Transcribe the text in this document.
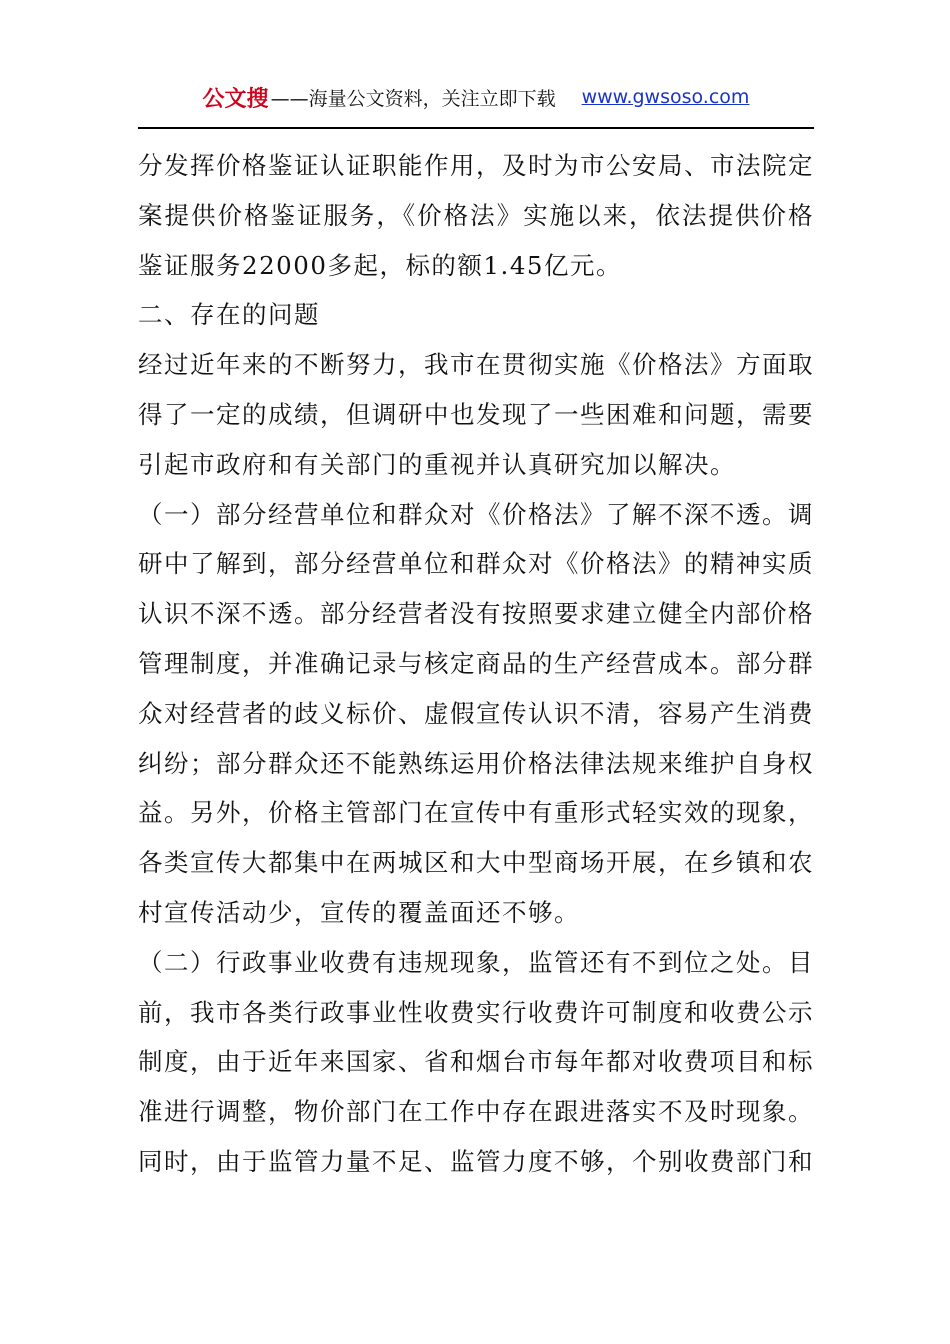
公文搜 ——海量公文资料，关注立即下载 www.gwsoso.com

分发挥价格鉴证认证职能作用，及时为市公安局、市法院定案提供价格鉴证服务，《价格法》实施以来，依法提供价格鉴证服务22000多起，标的额1.45亿元。

二、存在的问题

经过近年来的不断努力，我市在贯彻实施《价格法》方面取得了一定的成绩，但调研中也发现了一些困难和问题，需要引起市政府和有关部门的重视并认真研究加以解决。

（一）部分经营单位和群众对《价格法》了解不深不透。调研中了解到，部分经营单位和群众对《价格法》的精神实质认识不深不透。部分经营者没有按照要求建立健全内部价格管理制度，并准确记录与核定商品的生产经营成本。部分群众对经营者的歧义标价、虚假宣传认识不清，容易产生消费纠纷；部分群众还不能熟练运用价格法律法规来维护自身权益。另外，价格主管部门在宣传中有重形式轻实效的现象，各类宣传大都集中在两城区和大中型商场开展，在乡镇和农村宣传活动少，宣传的覆盖面还不够。

（二）行政事业收费有违规现象，监管还有不到位之处。目前，我市各类行政事业性收费实行收费许可制度和收费公示制度，由于近年来国家、省和烟台市每年都对收费项目和标准进行调整，物价部门在工作中存在跟进落实不及时现象。同时，由于监管力量不足、监管力度不够，个别收费部门和
